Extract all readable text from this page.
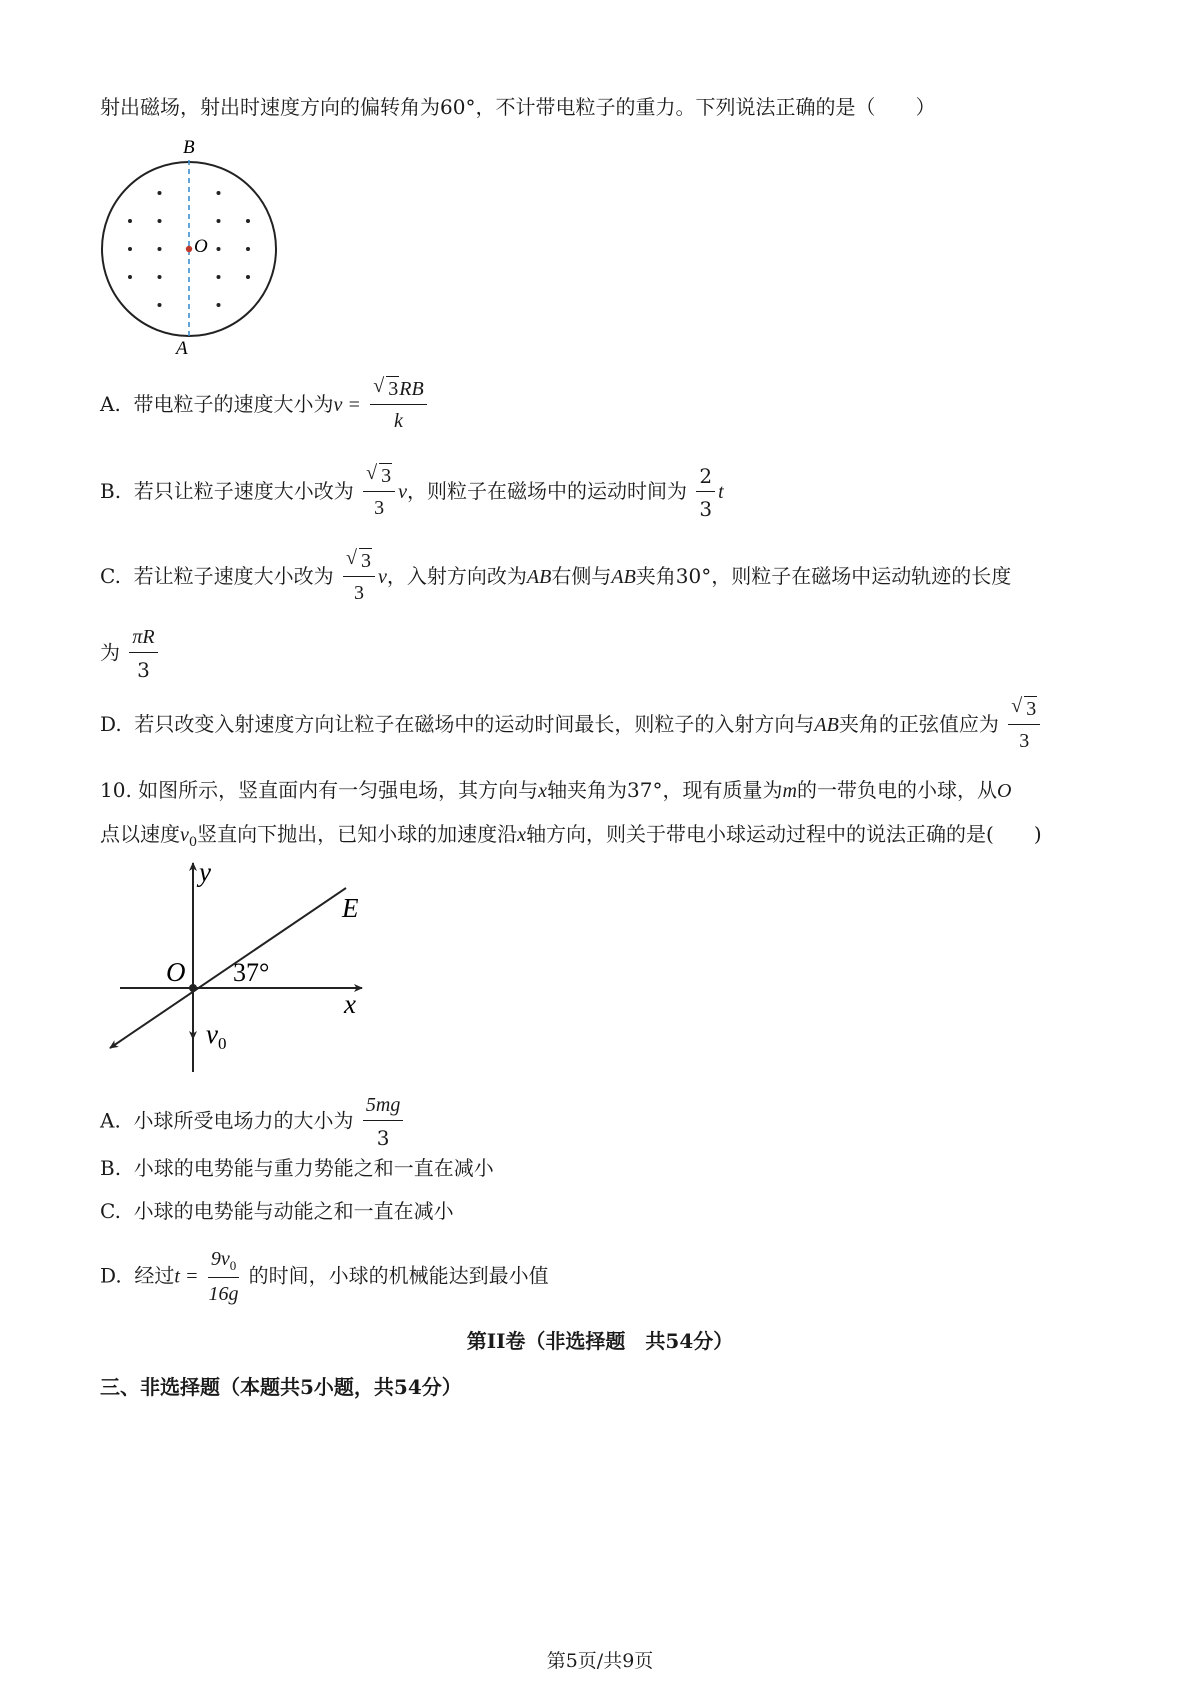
射出磁场，射出时速度方向的偏转角为60°，不计带电粒子的重力。下列说法正确的是（　　）
B
O
A
A. 带电粒子的速度大小为$v = \frac{√ 3RB}{k}$
B. 若只让粒子速度大小改为 $\frac{√ 3}{3}$ v，则粒子在磁场中的运动时间为 $\frac{2}{3}$ t
C. 若让粒子速度大小改为 $\frac{√ 3}{3}$ v，入射方向改为AB右侧与AB夹角30°，则粒子在磁场中运动轨迹的长度
为 $\frac{\pi R}{3}$
D. 若只改变入射速度方向让粒子在磁场中的运动时间最长，则粒子的入射方向与AB夹角的正弦值应为 $\frac{√ 3}{3}$
10. 如图所示，竖直面内有一匀强电场，其方向与x轴夹角为37°，现有质量为m的一带负电的小球，从O
点以速度$v_0$竖直向下抛出，已知小球的加速度沿x轴方向，则关于带电小球运动过程中的说法正确的是(　　)
y
E
O 37°
x
$v_0$
A. 小球所受电场力的大小为 $\frac{5mg}{3}$
B. 小球的电势能与重力势能之和一直在减小
C. 小球的电势能与动能之和一直在减小
D. 经过$t = \frac{9v_0}{16g}$ 的时间，小球的机械能达到最小值
第II卷（非选择题　共54分）
三、非选择题（本题共5小题，共54分）
第5页/共9页
